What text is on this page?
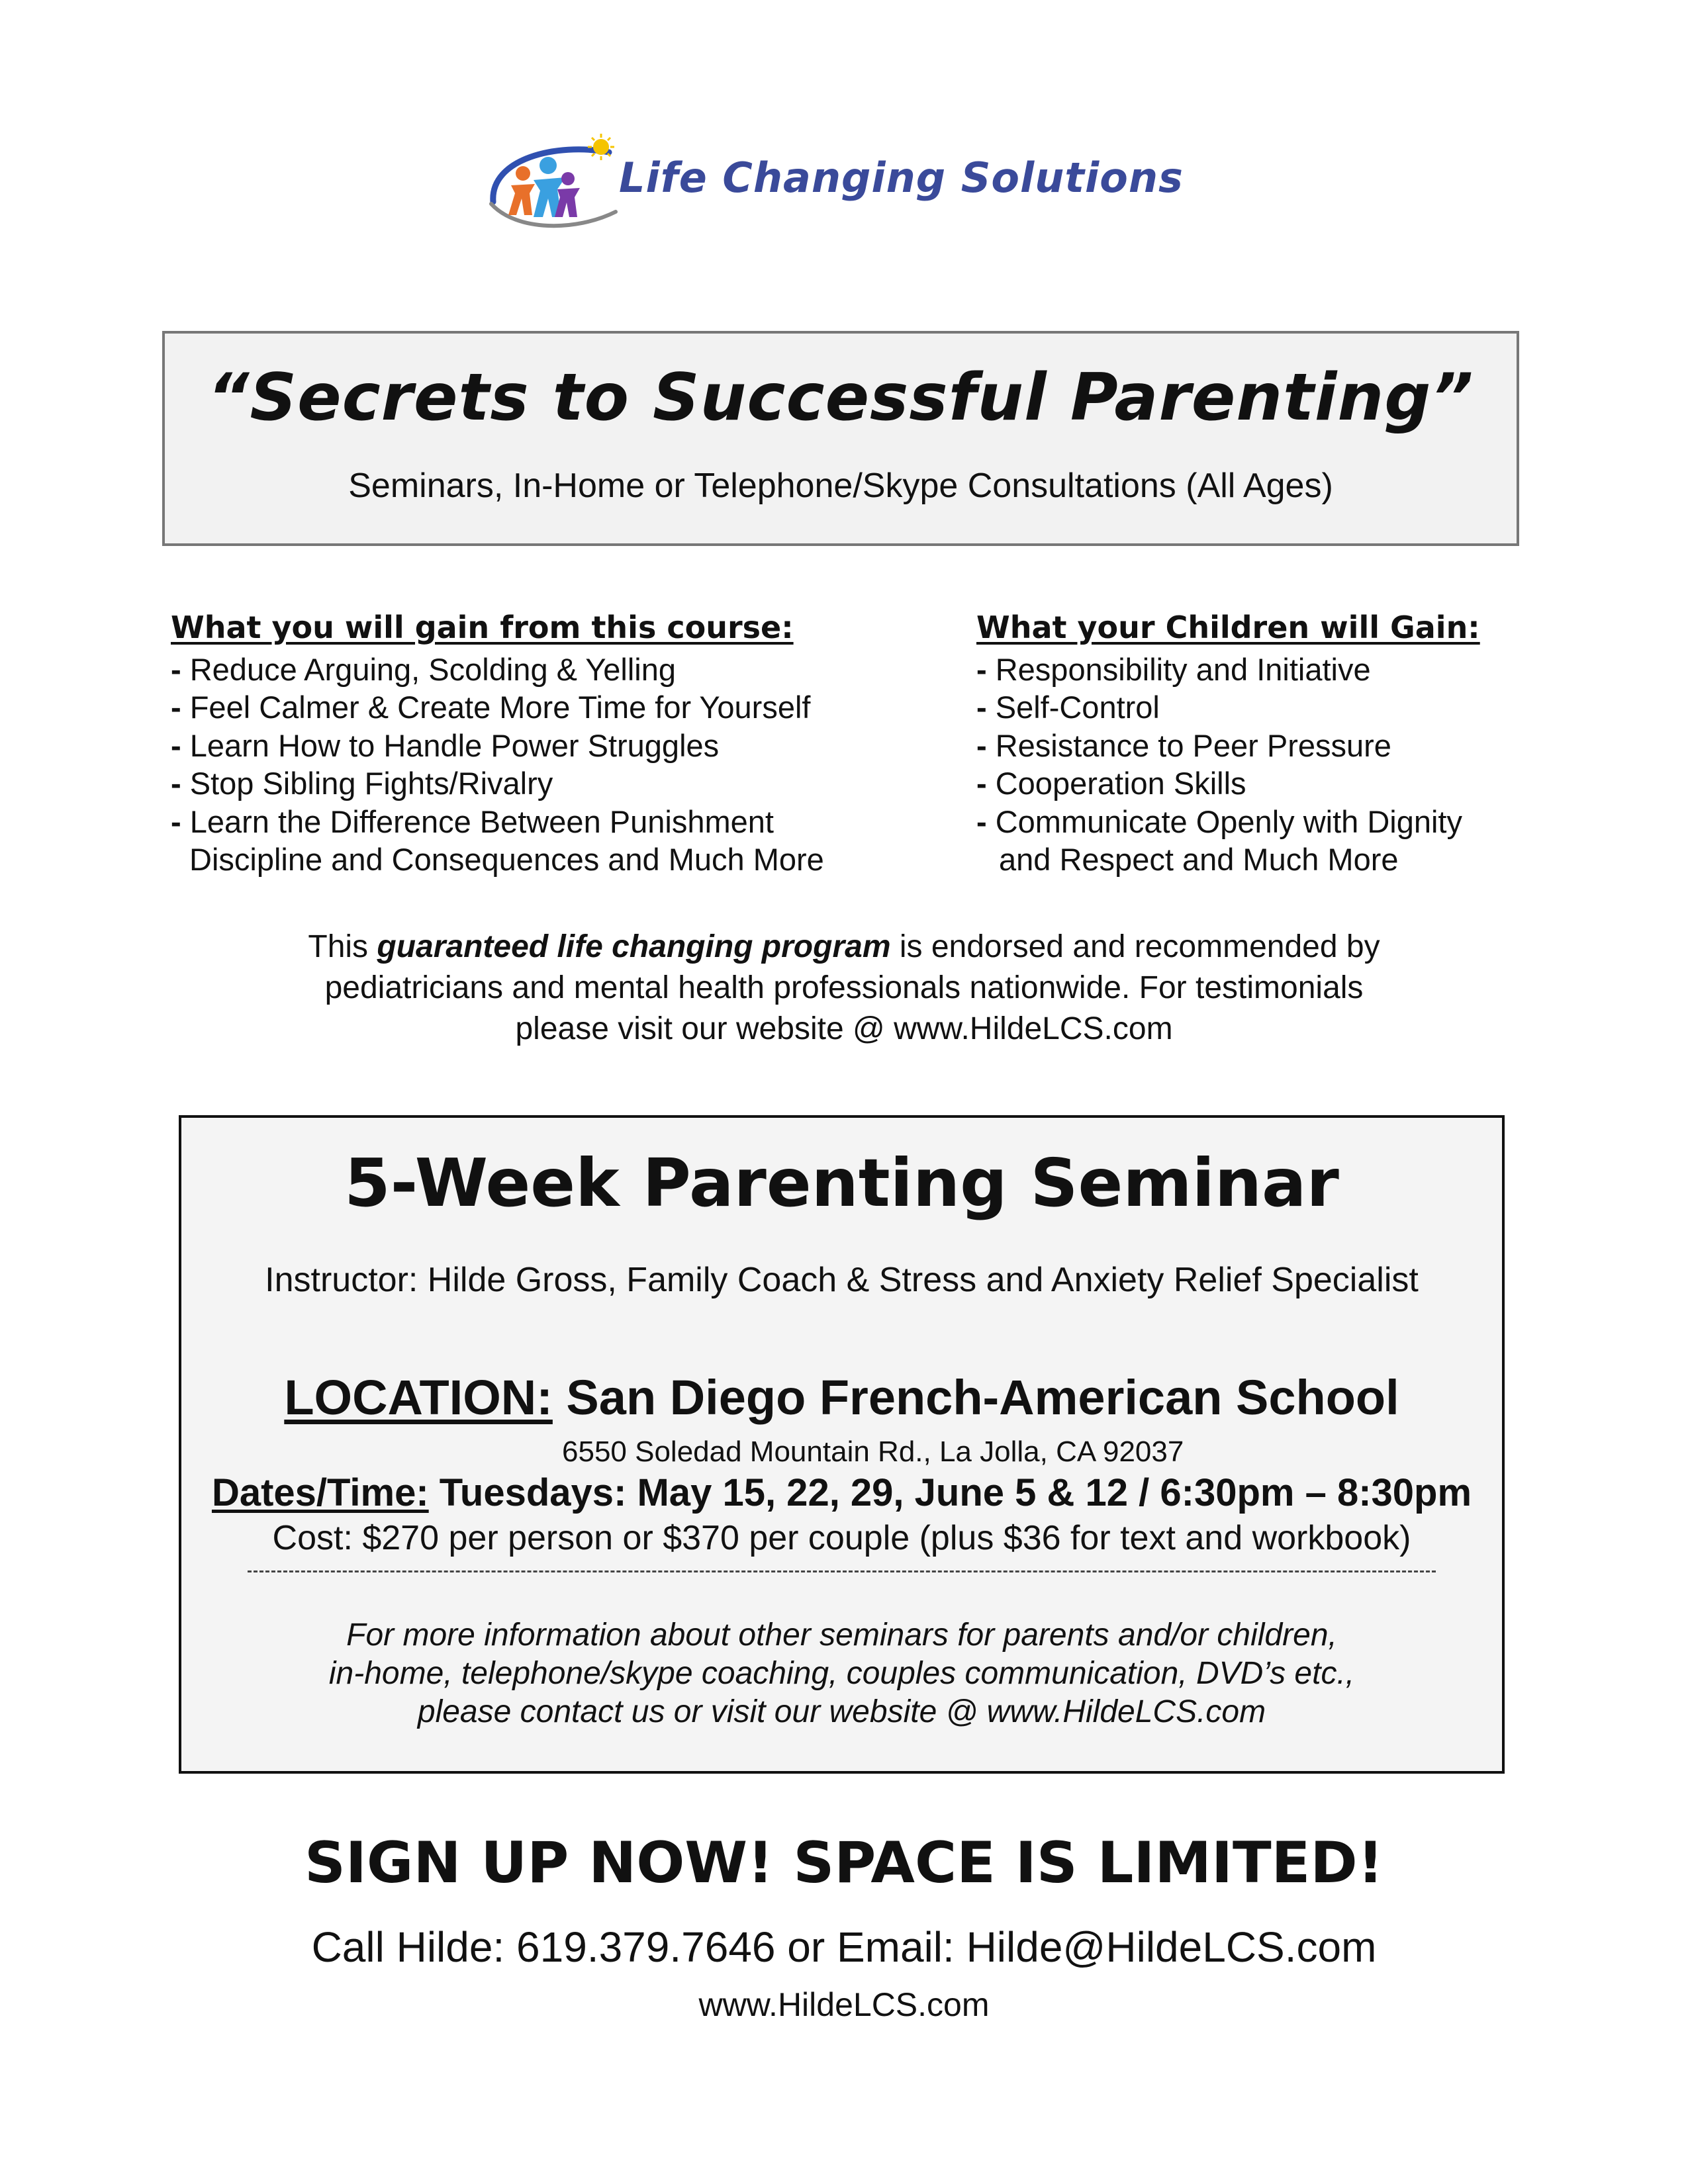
Life Changing Solutions
“Secrets to Successful Parenting”
Seminars, In-Home or Telephone/Skype Consultations (All Ages)
What you will gain from this course:
- Reduce Arguing, Scolding & Yelling
- Feel Calmer & Create More Time for Yourself
- Learn How to Handle Power Struggles
- Stop Sibling Fights/Rivalry
- Learn the Difference Between Punishment
Discipline and Consequences and Much More
What your Children will Gain:
- Responsibility and Initiative
- Self-Control
- Resistance to Peer Pressure
- Cooperation Skills
- Communicate Openly with Dignity
and Respect and Much More
This guaranteed life changing program is endorsed and recommended by
pediatricians and mental health professionals nationwide. For testimonials
please visit our website @ www.HildeLCS.com
5-Week Parenting Seminar
Instructor: Hilde Gross, Family Coach & Stress and Anxiety Relief Specialist
LOCATION: San Diego French-American School
6550 Soledad Mountain Rd., La Jolla, CA 92037
Dates/Time: Tuesdays: May 15, 22, 29, June 5 & 12 / 6:30pm – 8:30pm
Cost: $270 per person or $370 per couple (plus $36 for text and workbook)
For more information about other seminars for parents and/or children,
in-home, telephone/skype coaching, couples communication, DVD’s etc.,
please contact us or visit our website @ www.HildeLCS.com
SIGN UP NOW! SPACE IS LIMITED!
Call Hilde: 619.379.7646 or Email: Hilde@HildeLCS.com
www.HildeLCS.com
